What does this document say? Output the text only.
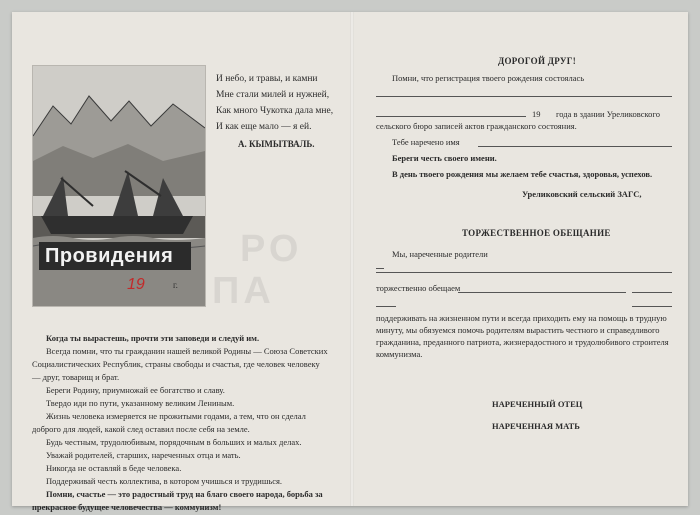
Провидения
19	г.
РО
ПА
И небо, и травы, и камни
Мне стали милей и нужней,
Как много Чукотка дала мне,
И как еще мало — я ей.
А. КЫМЫТВАЛЬ.
Когда ты вырастешь, прочти эти заповеди и следуй им.
Всегда помни, что ты гражданин нашей великой Родины — Союза Советских Социалистических Республик, страны свободы и счастья, где человек человеку — друг, товарищ и брат.
Береги Родину, приумножай ее богатство и славу.
Твердо иди по пути, указанному великим Лениным.
Жизнь человека измеряется не прожитыми годами, а тем, что он сделал доброго для людей, какой след оставил после себя на земле.
Будь честным, трудолюбивым, порядочным в больших и малых делах.
Уважай родителей, старших, нареченных отца и мать.
Никогда не оставляй в беде человека.
Поддерживай честь коллектива, в котором учишься и трудишься.
Помни, счастье — это радостный труд на благо своего народа, борьба за прекрасное будущее человечества — коммунизм!
ДОРОГОЙ ДРУГ!
Помни, что регистрация твоего рождения состоялась
19 года в здании Уреликовского
сельского бюро записей актов гражданского состояния.
Тебе наречено имя
Береги честь своего имени.
В день твоего рождения мы желаем тебе счастья, здоровья, успехов.
Уреликовский сельский ЗАГС,
ТОРЖЕСТВЕННОЕ ОБЕЩАНИЕ
Мы, нареченные родители
торжественно обещаем
поддерживать на жизненном пути и всегда приходить ему на помощь в трудную минуту, мы обязуемся помочь родителям вырастить честного и справедливого гражданина, преданного патриота, жизнерадостного и трудолюбивого строителя коммунизма.
НАРЕЧЕННЫЙ ОТЕЦ
НАРЕЧЕННАЯ МАТЬ
